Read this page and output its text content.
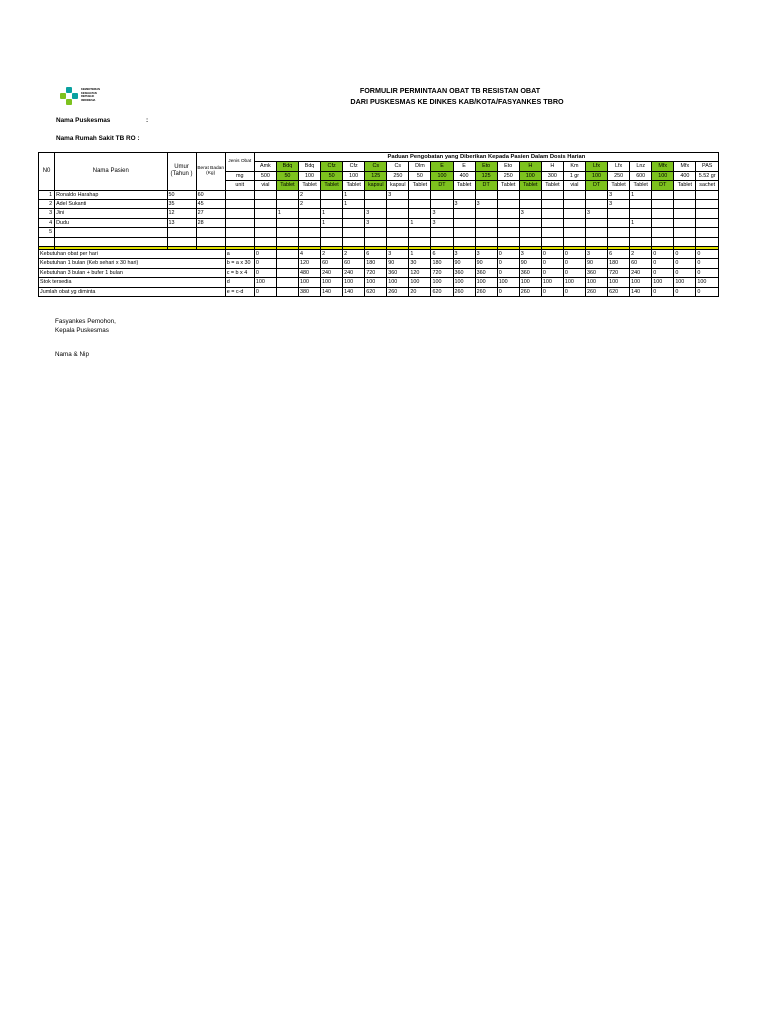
KEMENTERIAN
KESEHATAN
REPUBLIK
INDONESIA
FORMULIR PERMINTAAN OBAT TB RESISTAN OBAT
DARI PUSKESMAS KE DINKES KAB/KOTA/FASYANKES TBRO
Nama Puskesmas	:
Nama Rumah Sakit TB RO :
N0	Nama Pasien	Umur (Tahun )	Berat Badan (Kg)	Jenis Obat	Paduan Pengobatan yang Diberikan Kepada Pasien Dalam Dosis Harian																				
					Amk	Bdq	Bdq	Cfz	Cfz	Cs	Cs	Dlm	E	E	Eto	Eto	H	H	Km	Lfx	Lfx	Lnz	Mfx	Mfx	PAS
				mg	500	50	100	50	100	125	250	50	100	400	125	250	100	300	1 gr	100	250	600	100	400	5.52 gr
				unit	vial	Tablet	Tablet	Tablet	Tablet	kapsul	kapsul	Tablet	DT	Tablet	DT	Tablet	Tablet	Tablet	vial	DT	Tablet	Tablet	DT	Tablet	sachet
1	Ronaldo Harahap	50	60				2		1		3										3	1			
2	Adel Sukanti	35	45				2		1					3	3						3				
3	Jini	12	27			1		1		3			3				3			3					
4	Dudu	13	28					1		3		1	3									1			
5																									

Kebutuhan obat per hari				a	0		4	2	2	6	3	1	6	3	3	0	3	0	0	3	6	2	0	0	0
Kebutuhan 1 bulan (Keb sehari x 30 hari)				b = a x 30	0		120	60	60	180	90	30	180	90	90	0	90	0	0	90	180	60	0	0	0
Kebutuhan 3 bulan + bufer 1 bulan				c = b x 4	0		480	240	240	720	360	120	720	360	360	0	360	0	0	360	720	240	0	0	0
Stok tersedia				d	100		100	100	100	100	100	100	100	100	100	100	100	100	100	100	100	100	100	100	100
Jumlah obat yg diminta				e = c-d	0		380	140	140	620	260	20	620	260	260	0	260	0	0	260	620	140	0	0	0
Fasyankes Pemohon,
Kepala Puskesmas
Nama & Nip
